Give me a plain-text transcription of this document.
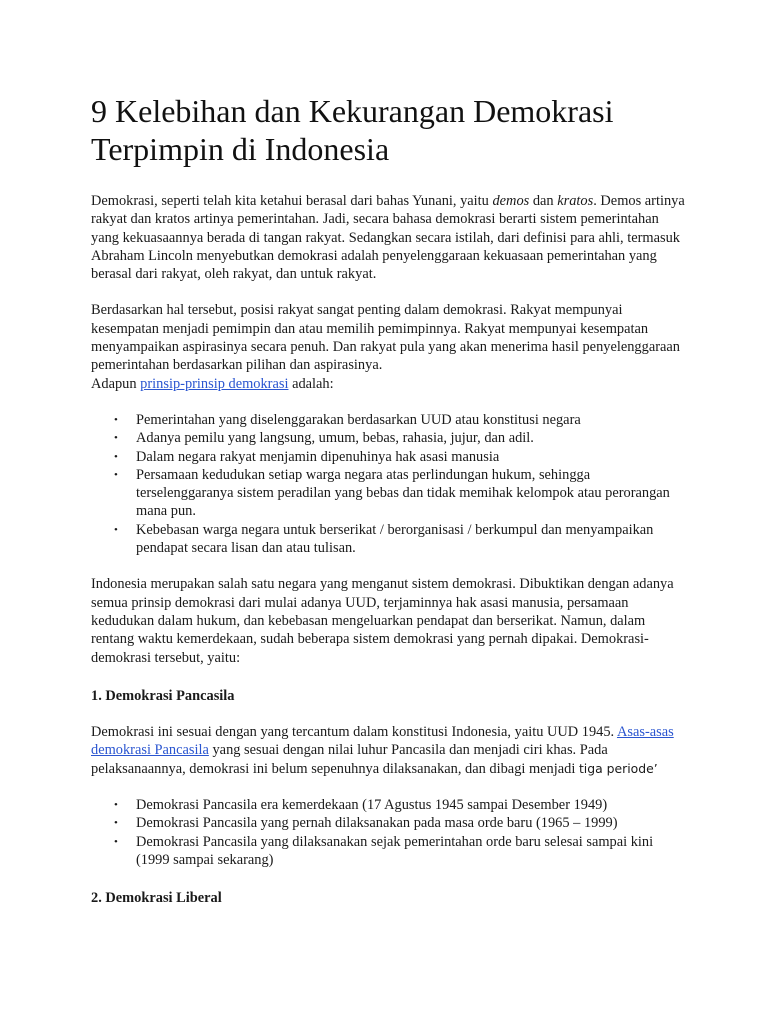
9 Kelebihan dan Kekurangan Demokrasi Terpimpin di Indonesia

Demokrasi, seperti telah kita ketahui berasal dari bahas Yunani, yaitu demos dan kratos. Demos artinya rakyat dan kratos artinya pemerintahan. Jadi, secara bahasa demokrasi berarti sistem pemerintahan yang kekuasaannya berada di tangan rakyat. Sedangkan secara istilah, dari definisi para ahli, termasuk Abraham Lincoln menyebutkan demokrasi adalah penyelenggaraan kekuasaan pemerintahan yang berasal dari rakyat, oleh rakyat, dan untuk rakyat.

Berdasarkan hal tersebut, posisi rakyat sangat penting dalam demokrasi. Rakyat mempunyai kesempatan menjadi pemimpin dan atau memilih pemimpinnya. Rakyat mempunyai kesempatan menyampaikan aspirasinya secara penuh. Dan rakyat pula yang akan menerima hasil penyelenggaraan pemerintahan berdasarkan pilihan dan aspirasinya.

Adapun prinsip-prinsip demokrasi adalah:

• Pemerintahan yang diselenggarakan berdasarkan UUD atau konstitusi negara
• Adanya pemilu yang langsung, umum, bebas, rahasia, jujur, dan adil.
• Dalam negara rakyat menjamin dipenuhinya hak asasi manusia
• Persamaan kedudukan setiap warga negara atas perlindungan hukum, sehingga terselenggaranya sistem peradilan yang bebas dan tidak memihak kelompok atau perorangan mana pun.
• Kebebasan warga negara untuk berserikat / berorganisasi / berkumpul dan menyampaikan pendapat secara lisan dan atau tulisan.

Indonesia merupakan salah satu negara yang menganut sistem demokrasi. Dibuktikan dengan adanya semua prinsip demokrasi dari mulai adanya UUD, terjaminnya hak asasi manusia, persamaan kedudukan dalam hukum, dan kebebasan mengeluarkan pendapat dan berserikat. Namun, dalam rentang waktu kemerdekaan, sudah beberapa sistem demokrasi yang pernah dipakai. Demokrasi-demokrasi tersebut, yaitu:

1. Demokrasi Pancasila

Demokrasi ini sesuai dengan yang tercantum dalam konstitusi Indonesia, yaitu UUD 1945. Asas-asas demokrasi Pancasila yang sesuai dengan nilai luhur Pancasila dan menjadi ciri khas. Pada pelaksanaannya, demokrasi ini belum sepenuhnya dilaksanakan, dan dibagi menjadi tiga periode’

• Demokrasi Pancasila era kemerdekaan (17 Agustus 1945 sampai Desember 1949)
• Demokrasi Pancasila yang pernah dilaksanakan pada masa orde baru (1965 – 1999)
• Demokrasi Pancasila yang dilaksanakan sejak pemerintahan orde baru selesai sampai kini (1999 sampai sekarang)
2. Demokrasi Liberal
